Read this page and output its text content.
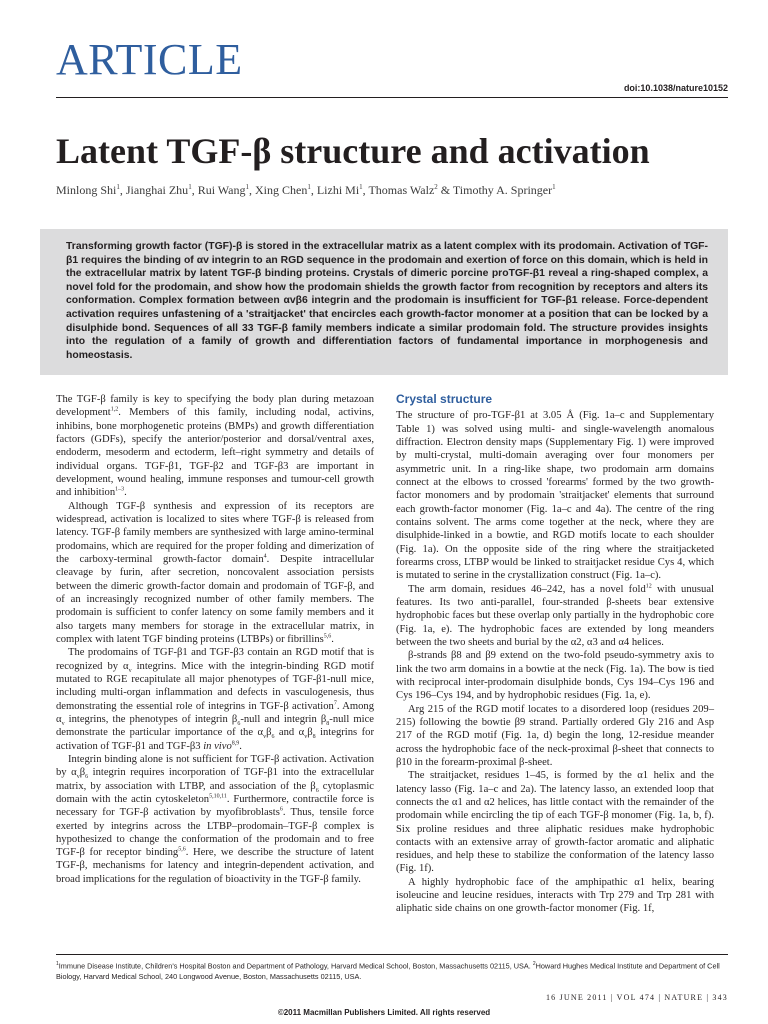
ARTICLE
doi:10.1038/nature10152
Latent TGF-β structure and activation
Minlong Shi$^1$, Jianghai Zhu$^1$, Rui Wang$^1$, Xing Chen$^1$, Lizhi Mi$^1$, Thomas Walz$^2$ & Timothy A. Springer$^1$

Transforming growth factor (TGF)-β is stored in the extracellular matrix as a latent complex with its prodomain. Activation of TGF-β1 requires the binding of αv integrin to an RGD sequence in the prodomain and exertion of force on this domain, which is held in the extracellular matrix by latent TGF-β binding proteins. Crystals of dimeric porcine proTGF-β1 reveal a ring-shaped complex, a novel fold for the prodomain, and show how the prodomain shields the growth factor from recognition by receptors and alters its conformation. Complex formation between αvβ6 integrin and the prodomain is insufficient for TGF-β1 release. Force-dependent activation requires unfastening of a 'straitjacket' that encircles each growth-factor monomer at a position that can be locked by a disulphide bond. Sequences of all 33 TGF-β family members indicate a similar prodomain fold. The structure provides insights into the regulation of a family of growth and differentiation factors of fundamental importance in morphogenesis and homeostasis.

The TGF-β family is key to specifying the body plan during metazoan development$^{1,2}$. Members of this family, including nodal, activins, inhibins, bone morphogenetic proteins (BMPs) and growth differentiation factors (GDFs), specify the anterior/posterior and dorsal/ventral axes, endoderm, mesoderm and ectoderm, left–right symmetry and details of individual organs. TGF-β1, TGF-β2 and TGF-β3 are important in development, wound healing, immune responses and tumour-cell growth and inhibition$^{1-3}$.

Although TGF-β synthesis and expression of its receptors are widespread, activation is localized to sites where TGF-β is released from latency. TGF-β family members are synthesized with large amino-terminal prodomains, which are required for the proper folding and dimerization of the carboxy-terminal growth-factor domain$^4$. Despite intracellular cleavage by furin, after secretion, noncovalent association persists between the dimeric growth-factor domain and prodomain of TGF-β, and of an increasingly recognized number of other family members. The prodomain is sufficient to confer latency on some family members and it also targets many members for storage in the extracellular matrix, in complex with latent TGF binding proteins (LTBPs) or fibrillins$^{5,6}$.

The prodomains of TGF-β1 and TGF-β3 contain an RGD motif that is recognized by $\alpha_v$ integrins. Mice with the integrin-binding RGD motif mutated to RGE recapitulate all major phenotypes of TGF-β1-null mice, including multi-organ inflammation and defects in vasculogenesis, thus demonstrating the essential role of integrins in TGF-β activation$^7$. Among $\alpha_v$ integrins, the phenotypes of integrin $\beta_6$-null and integrin $\beta_8$-null mice demonstrate the particular importance of the $\alpha_v\beta_6$ and $\alpha_v\beta_8$ integrins for activation of TGF-β1 and TGF-β3 in vivo$^{8,9}$.

Integrin binding alone is not sufficient for TGF-β activation. Activation by $\alpha_v\beta_6$ integrin requires incorporation of TGF-β1 into the extracellular matrix, by association with LTBP, and association of the $\beta_6$ cytoplasmic domain with the actin cytoskeleton$^{5,10,11}$. Furthermore, contractile force is necessary for TGF-β activation by myofibroblasts$^6$. Thus, tensile force exerted by integrins across the LTBP–prodomain–TGF-β complex is hypothesized to change the conformation of the prodomain and to free TGF-β for receptor binding$^{5,6}$. Here, we describe the structure of latent TGF-β, mechanisms for latency and integrin-dependent activation, and broad implications for the regulation of bioactivity in the TGF-β family.

Crystal structure

The structure of pro-TGF-β1 at 3.05 Å (Fig. 1a–c and Supplementary Table 1) was solved using multi- and single-wavelength anomalous diffraction. Electron density maps (Supplementary Fig. 1) were improved by multi-crystal, multi-domain averaging over four monomers per asymmetric unit. In a ring-like shape, two prodomain arm domains connect at the elbows to crossed 'forearms' formed by the two growth-factor monomers and by prodomain 'straitjacket' elements that surround each growth-factor monomer (Fig. 1a–c and 4a). The centre of the ring contains solvent. The arms come together at the neck, where they are disulphide-linked in a bowtie, and RGD motifs locate to each shoulder (Fig. 1a). On the opposite side of the ring where the straitjacketed forearms cross, LTBP would be linked to straitjacket residue Cys 4, which is mutated to serine in the crystallization construct (Fig. 1a–c).

The arm domain, residues 46–242, has a novel fold$^{12}$ with unusual features. Its two anti-parallel, four-stranded β-sheets bear extensive hydrophobic faces but these overlap only partially in the hydrophobic core (Fig. 1a, e). The hydrophobic faces are extended by long meanders between the two sheets and burial by the α2, α3 and α4 helices.

β-strands β8 and β9 extend on the two-fold pseudo-symmetry axis to link the two arm domains in a bowtie at the neck (Fig. 1a). The bow is tied with reciprocal inter-prodomain disulphide bonds, Cys 194–Cys 196 and Cys 196–Cys 194, and by hydrophobic residues (Fig. 1a, e).

Arg 215 of the RGD motif locates to a disordered loop (residues 209–215) following the bowtie β9 strand. Partially ordered Gly 216 and Asp 217 of the RGD motif (Fig. 1a, d) begin the long, 12-residue meander across the hydrophobic face of the neck-proximal β-sheet that connects to β10 in the forearm-proximal β-sheet.

The straitjacket, residues 1–45, is formed by the α1 helix and the latency lasso (Fig. 1a–c and 2a). The latency lasso, an extended loop that connects the α1 and α2 helices, has little contact with the remainder of the prodomain while encircling the tip of each TGF-β monomer (Fig. 1a, b, f). Six proline residues and three aliphatic residues make hydrophobic contacts with an extensive array of growth-factor aromatic and aliphatic residues, and help these to stabilize the conformation of the latency lasso (Fig. 1f).

A highly hydrophobic face of the amphipathic α1 helix, bearing isoleucine and leucine residues, interacts with Trp 279 and Trp 281 with aliphatic side chains on one growth-factor monomer (Fig. 1f,

$^1$Immune Disease Institute, Children's Hospital Boston and Department of Pathology, Harvard Medical School, Boston, Massachusetts 02115, USA. $^2$Howard Hughes Medical Institute and Department of Cell Biology, Harvard Medical School, 240 Longwood Avenue, Boston, Massachusetts 02115, USA.
16 JUNE 2011 | VOL 474 | NATURE | 343
©2011 Macmillan Publishers Limited. All rights reserved
